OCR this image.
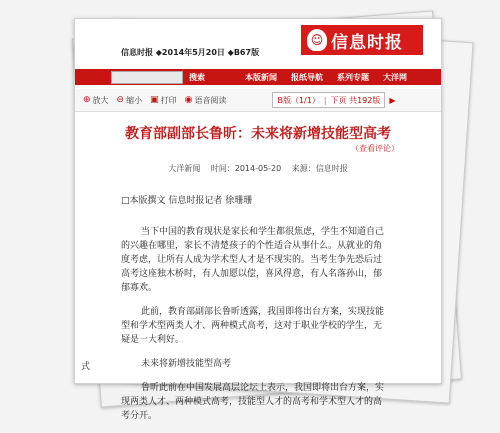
信息时报 ◆2014年5月20日 ◆B67版
☺ 信息时报
搜索	本版新闻 报纸导航 系列专题 大洋网
⊕ 放大 ⊖ 缩小 ▣ 打印 ◉ 语音阅读	B版（1/1） | 下页 共192版 ▶
教育部副部长鲁昕：未来将新增技能型高考
（查看评论）
大洋新闻 时间：2014-05-20 来源：信息时报
□本版撰文 信息时报记者 徐珊珊

当下中国的教育现状是家长和学生都很焦虑，学生不知道自己的兴趣在哪里，家长不清楚孩子的个性适合从事什么。从就业的角度考虑，让所有人成为学术型人才是不现实的。当考生争先恐后过高考这座独木桥时，有人加愿以偿，喜风得意，有人名落孙山，郁郁寡欢。

此前，教育部副部长鲁昕透露，我国即将出台方案，实现技能型和学术型两类人才、两种模式高考，这对于职业学校的学生，无疑是一大利好。

未来将新增技能型高考

鲁昕此前在中国发展高层论坛上表示，我国即将出台方案，实现两类人才、两种模式高考，技能型人才的高考和学术型人才的高考分开。

式
